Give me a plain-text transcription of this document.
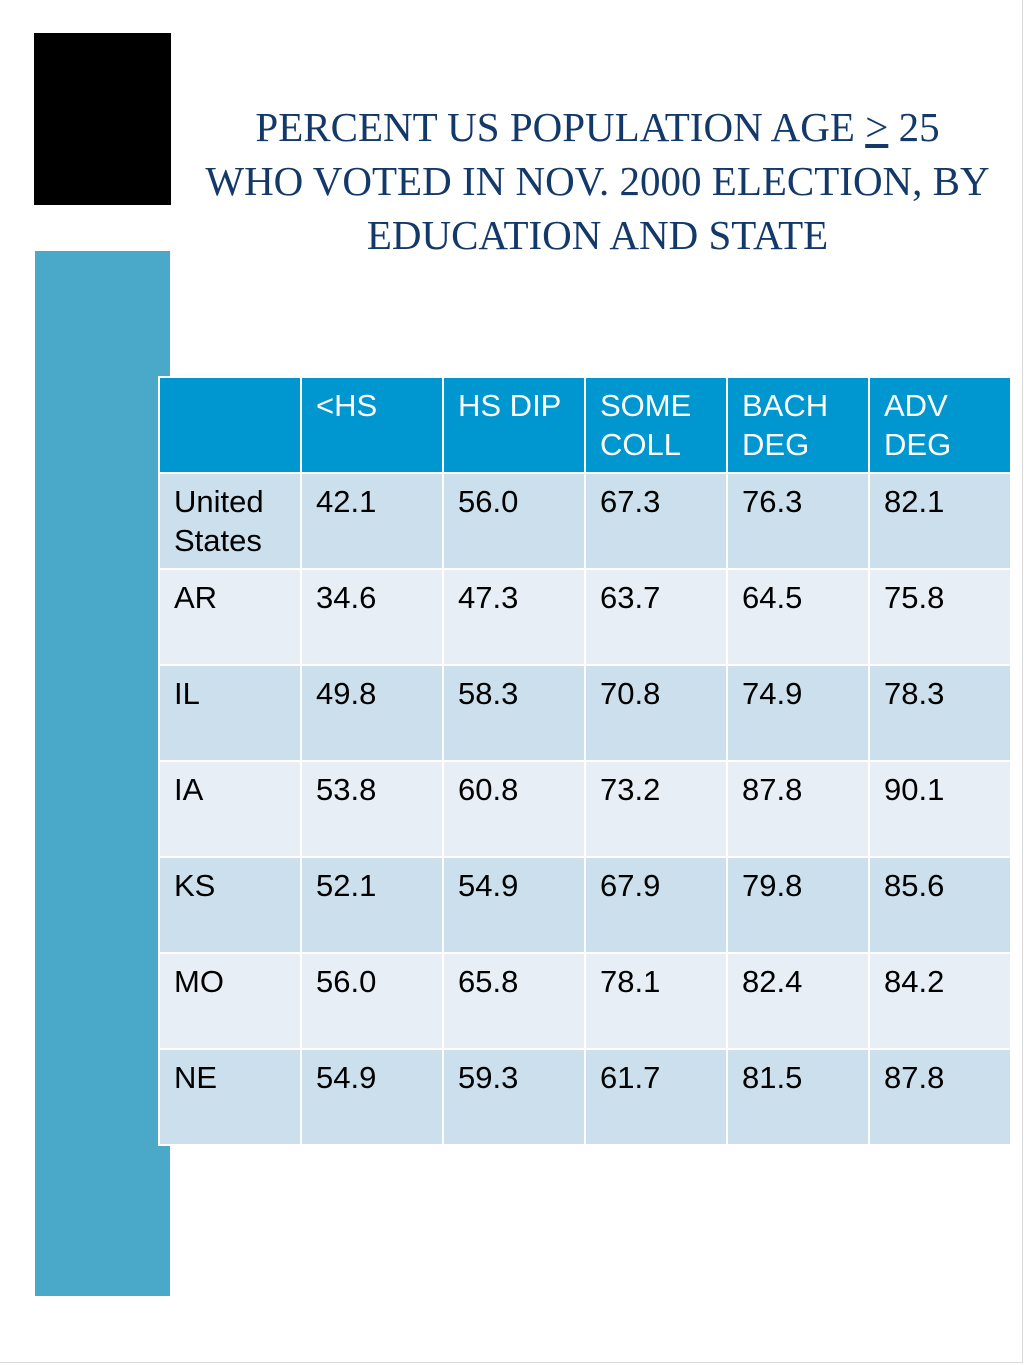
PERCENT US POPULATION AGE > 25
WHO VOTED IN NOV. 2000 ELECTION, BY EDUCATION AND STATE
	<HS	HS DIP	SOME COLL	BACH DEG	ADV DEG
United States	42.1	56.0	67.3	76.3	82.1
AR	34.6	47.3	63.7	64.5	75.8
IL	49.8	58.3	70.8	74.9	78.3
IA	53.8	60.8	73.2	87.8	90.1
KS	52.1	54.9	67.9	79.8	85.6
MO	56.0	65.8	78.1	82.4	84.2
NE	54.9	59.3	61.7	81.5	87.8
